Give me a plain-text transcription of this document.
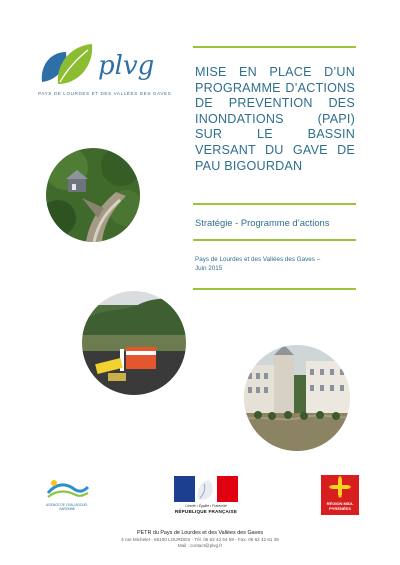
plvg
PAYS DE LOURDES ET DES VALLÉES DES GAVES
MISE EN PLACE D’UN PROGRAMME D’ACTIONS DE PREVENTION DES INONDATIONS (PAPI) SUR LE BASSIN VERSANT DU GAVE DE PAU BIGOURDAN
Stratégie - Programme d’actions
Pays de Lourdes et des Vallées des Gaves –
Juin 2015
AGENCE DE L'EAU ADOUR-GARONNE
Liberté • Égalité • Fraternité
RÉPUBLIQUE FRANÇAISE
RÉGION MIDI-PYRÉNÉES
PETR du Pays de Lourdes et des Vallées des Gaves
4 rue Michelet - 65100 LOURDES - Tél. 05 62 42 64 98 - Fax. 05 62 42 61 39
Mail : contact@plvg.fr
